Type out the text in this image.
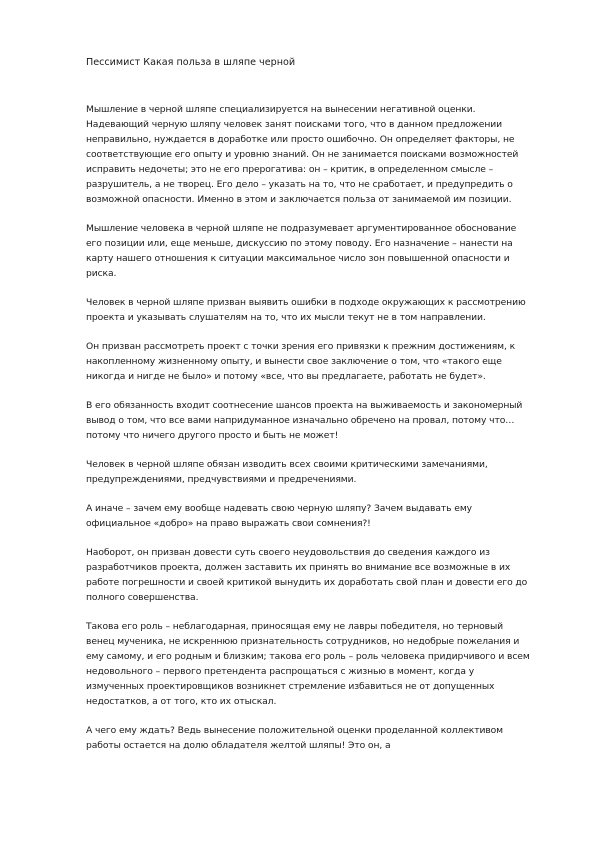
Пессимист Какая польза в шляпе черной

Мышление в черной шляпе специализируется на вынесении негативной оценки. Надевающий черную шляпу человек занят поисками того, что в данном предложении неправильно, нуждается в доработке или просто ошибочно. Он определяет факторы, не соответствующие его опыту и уровню знаний. Он не занимается поисками возможностей исправить недочеты; это не его прерогатива: он – критик, в определенном смысле – разрушитель, а не творец. Его дело – указать на то, что не сработает, и предупредить о возможной опасности. Именно в этом и заключается польза от занимаемой им позиции.

Мышление человека в черной шляпе не подразумевает аргументированное обоснование его позиции или, еще меньше, дискуссию по этому поводу. Его назначение – нанести на карту нашего отношения к ситуации максимальное число зон повышенной опасности и риска.

Человек в черной шляпе призван выявить ошибки в подходе окружающих к рассмотрению проекта и указывать слушателям на то, что их мысли текут не в том направлении.

Он призван рассмотреть проект с точки зрения его привязки к прежним достижениям, к накопленному жизненному опыту, и вынести свое заключение о том, что «такого еще никогда и нигде не было» и потому «все, что вы предлагаете, работать не будет».

В его обязанность входит соотнесение шансов проекта на выживаемость и закономерный вывод о том, что все вами напридуманное изначально обречено на провал, потому что… потому что ничего другого просто и быть не может!

Человек в черной шляпе обязан изводить всех своими критическими замечаниями, предупреждениями, предчувствиями и предречениями.

А иначе – зачем ему вообще надевать свою черную шляпу? Зачем выдавать ему официальное «добро» на право выражать свои сомнения?!

Наоборот, он призван довести суть своего неудовольствия до сведения каждого из разработчиков проекта, должен заставить их принять во внимание все возможные в их работе погрешности и своей критикой вынудить их доработать свой план и довести его до полного совершенства.

Такова его роль – неблагодарная, приносящая ему не лавры победителя, но терновый венец мученика, не искреннюю признательность сотрудников, но недобрые пожелания и ему самому, и его родным и близким; такова его роль – роль человека придирчивого и всем недовольного – первого претендента распрощаться с жизнью в момент, когда у измученных проектировщиков возникнет стремление избавиться не от допущенных недостатков, а от того, кто их отыскал.

А чего ему ждать? Ведь вынесение положительной оценки проделанной коллективом работы остается на долю обладателя желтой шляпы! Это он, а
